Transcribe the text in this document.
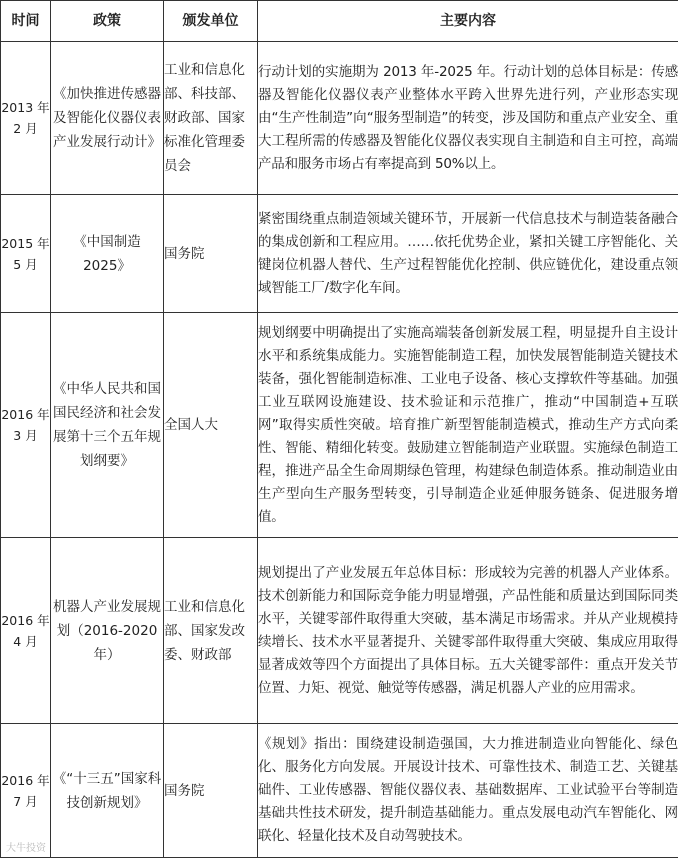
时间	政策	颁发单位	主要内容
2013 年 2 月	《加快推进传感器及智能化仪器仪表产业发展行动计》	工业和信息化部、科技部、财政部、国家标准化管理委员会	行动计划的实施期为 2013 年-2025 年。行动计划的总体目标是：传感器及智能化仪器仪表产业整体水平跨入世界先进行列，产业形态实现由“生产性制造”向“服务型制造”的转变，涉及国防和重点产业安全、重大工程所需的传感器及智能化仪器仪表实现自主制造和自主可控，高端产品和服务市场占有率提高到 50%以上。
2015 年 5 月	《中国制造 2025》	国务院	紧密围绕重点制造领域关键环节，开展新一代信息技术与制造装备融合的集成创新和工程应用。……依托优势企业，紧扣关键工序智能化、关键岗位机器人替代、生产过程智能优化控制、供应链优化，建设重点领域智能工厂/数字化车间。
2016 年 3 月	《中华人民共和国国民经济和社会发展第十三个五年规划纲要》	全国人大	规划纲要中明确提出了实施高端装备创新发展工程，明显提升自主设计水平和系统集成能力。实施智能制造工程，加快发展智能制造关键技术装备，强化智能制造标准、工业电子设备、核心支撑软件等基础。加强工业互联网设施建设、技术验证和示范推广，推动“中国制造+互联网”取得实质性突破。培育推广新型智能制造模式，推动生产方式向柔性、智能、精细化转变。鼓励建立智能制造产业联盟。实施绿色制造工程，推进产品全生命周期绿色管理，构建绿色制造体系。推动制造业由生产型向生产服务型转变，引导制造企业延伸服务链条、促进服务增值。
2016 年 4 月	机器人产业发展规划（2016-2020 年）	工业和信息化部、国家发改委、财政部	规划提出了产业发展五年总体目标：形成较为完善的机器人产业体系。技术创新能力和国际竞争能力明显增强，产品性能和质量达到国际同类水平，关键零部件取得重大突破，基本满足市场需求。并从产业规模持续增长、技术水平显著提升、关键零部件取得重大突破、集成应用取得显著成效等四个方面提出了具体目标。五大关键零部件：重点开发关节位置、力矩、视觉、触觉等传感器，满足机器人产业的应用需求。
2016 年 7 月	《“十三五”国家科技创新规划》	国务院	《规划》指出：围绕建设制造强国，大力推进制造业向智能化、绿色化、服务化方向发展。开展设计技术、可靠性技术、制造工艺、关键基础件、工业传感器、智能仪器仪表、基础数据库、工业试验平台等制造基础共性技术研发，提升制造基础能力。重点发展电动汽车智能化、网联化、轻量化技术及自动驾驶技术。
大牛投资
